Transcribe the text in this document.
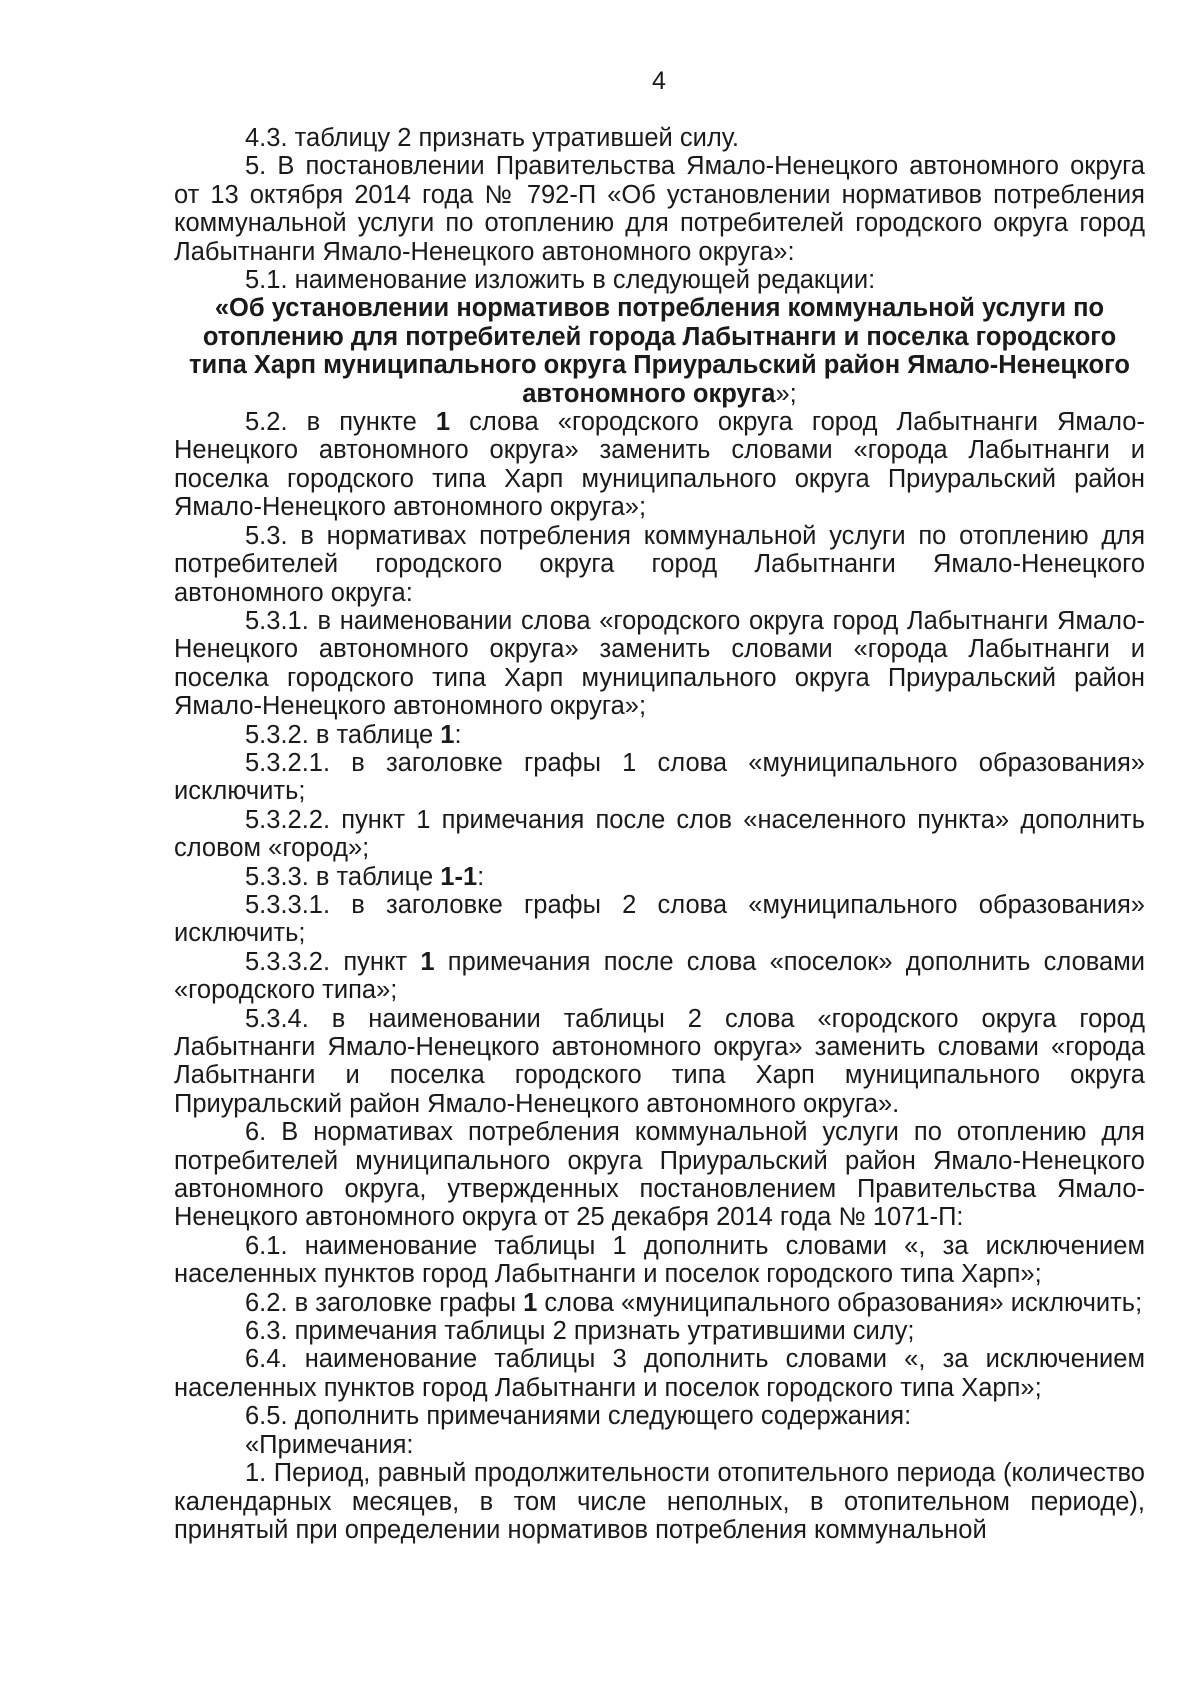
4

4.3. таблицу 2 признать утратившей силу.

5. В постановлении Правительства Ямало-Ненецкого автономного округа от 13 октября 2014 года № 792-П «Об установлении нормативов потребления коммунальной услуги по отоплению для потребителей городского округа город Лабытнанги Ямало-Ненецкого автономного округа»:

5.1. наименование изложить в следующей редакции:

«Об установлении нормативов потребления коммунальной услуги по отоплению для потребителей города Лабытнанги и поселка городского типа Харп муниципального округа Приуральский район Ямало-Ненецкого автономного округа»;

5.2. в пункте 1 слова «городского округа город Лабытнанги Ямало-Ненецкого автономного округа» заменить словами «города Лабытнанги и поселка городского типа Харп муниципального округа Приуральский район Ямало-Ненецкого автономного округа»;

5.3. в нормативах потребления коммунальной услуги по отоплению для потребителей городского округа город Лабытнанги Ямало-Ненецкого автономного округа:

5.3.1. в наименовании слова «городского округа город Лабытнанги Ямало-Ненецкого автономного округа» заменить словами «города Лабытнанги и поселка городского типа Харп муниципального округа Приуральский район Ямало-Ненецкого автономного округа»;

5.3.2. в таблице 1:

5.3.2.1. в заголовке графы 1 слова «муниципального образования» исключить;

5.3.2.2. пункт 1 примечания после слов «населенного пункта» дополнить словом «город»;

5.3.3. в таблице 1-1:

5.3.3.1. в заголовке графы 2 слова «муниципального образования» исключить;

5.3.3.2. пункт 1 примечания после слова «поселок» дополнить словами «городского типа»;

5.3.4. в наименовании таблицы 2 слова «городского округа город Лабытнанги Ямало-Ненецкого автономного округа» заменить словами «города Лабытнанги и поселка городского типа Харп муниципального округа Приуральский район Ямало-Ненецкого автономного округа».

6. В нормативах потребления коммунальной услуги по отоплению для потребителей муниципального округа Приуральский район Ямало-Ненецкого автономного округа, утвержденных постановлением Правительства Ямало-Ненецкого автономного округа от 25 декабря 2014 года № 1071-П:

6.1. наименование таблицы 1 дополнить словами «, за исключением населенных пунктов город Лабытнанги и поселок городского типа Харп»;

6.2. в заголовке графы 1 слова «муниципального образования» исключить;

6.3. примечания таблицы 2 признать утратившими силу;

6.4. наименование таблицы 3 дополнить словами «, за исключением населенных пунктов город Лабытнанги и поселок городского типа Харп»;

6.5. дополнить примечаниями следующего содержания:

«Примечания:

1. Период, равный продолжительности отопительного периода (количество календарных месяцев, в том числе неполных, в отопительном периоде), принятый при определении нормативов потребления коммунальной
